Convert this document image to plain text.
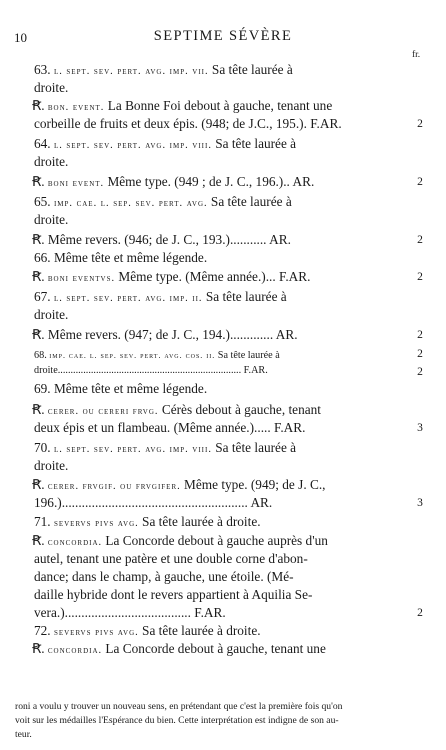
10	SEPTIME SÉVÈRE
fr.
63. l. sept. sev. pert. avg. imp. vii. Sa tête laurée à
droite.
Ꞧ. bon. event. La Bonne Foi debout à gauche, tenant une
corbeille de fruits et deux épis. (948; de J.C., 195.). F.AR.
64. l. sept. sev. pert. avg. imp. viii. Sa tête laurée à
droite.
Ꞧ. boni event. Même type. (949 ; de J. C., 196.).. AR.
65. imp. cae. l. sep. sev. pert. avg. Sa tête laurée à
droite.
Ꞧ. Même revers. (946; de J. C., 193.)........... AR.
66. Même tête et même légende.
Ꞧ. boni eventvs. Même type. (Même année.)... F.AR.
67. l. sept. sev. pert. avg. imp. ii. Sa tête laurée à
droite.
Ꞧ. Même revers. (947; de J. C., 194.)............. AR.
68. imp. cae. l. sep. sev. pert. avg. cos. ii. Sa tête laurée à
droite........................................................................ F.AR.
69. Même tête et même légende.
Ꞧ. cerer. ou cereri frvg. Cérès debout à gauche, tenant
deux épis et un flambeau. (Même année.)..... F.AR.
70. l. sept. sev. pert. avg. imp. viii. Sa tête laurée à
droite.
Ꞧ. cerer. frvgif. ou frvgifer. Même type. (949; de J. C.,
196.)........................................................ AR.
71. severvs pivs avg. Sa tête laurée à droite.
Ꞧ. concordia. La Concorde debout à gauche auprès d'un
autel, tenant une patère et une double corne d'abon-
dance; dans le champ, à gauche, une étoile. (Mé-
daille hybride dont le revers appartient à Aquilia Se-
vera.)...................................... F.AR.
72. severvs pivs avg. Sa tête laurée à droite.
Ꞧ. concordia. La Concorde debout à gauche, tenant une
2
2
2
2
2
2
2
3
3
2
roni a voulu y trouver un nouveau sens, en prétendant que c'est la première fois qu'on
voit sur les médailles l'Espérance du bien. Cette interprétation est indigne de son au-
teur.
